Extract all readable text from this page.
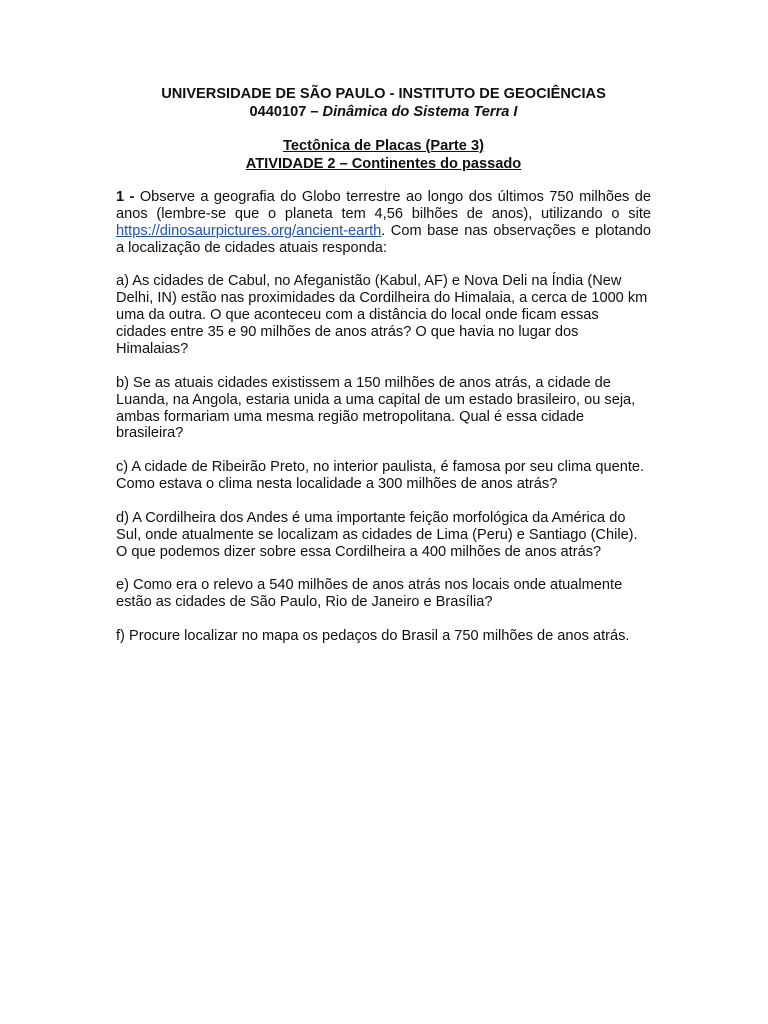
UNIVERSIDADE DE SÃO PAULO - INSTITUTO DE GEOCIÊNCIAS
0440107 – Dinâmica do Sistema Terra I
Tectônica de Placas (Parte 3)
ATIVIDADE 2 – Continentes do passado

1 - Observe a geografia do Globo terrestre ao longo dos últimos 750 milhões de anos (lembre-se que o planeta tem 4,56 bilhões de anos), utilizando o site https://dinosaurpictures.org/ancient-earth. Com base nas observações e plotando a localização de cidades atuais responda:

a) As cidades de Cabul, no Afeganistão (Kabul, AF) e Nova Deli na Índia (New Delhi, IN) estão nas proximidades da Cordilheira do Himalaia, a cerca de 1000 km uma da outra. O que aconteceu com a distância do local onde ficam essas cidades entre 35 e 90 milhões de anos atrás? O que havia no lugar dos Himalaias?

b) Se as atuais cidades existissem a 150 milhões de anos atrás, a cidade de Luanda, na Angola, estaria unida a uma capital de um estado brasileiro, ou seja, ambas formariam uma mesma região metropolitana. Qual é essa cidade brasileira?

c) A cidade de Ribeirão Preto, no interior paulista, é famosa por seu clima quente. Como estava o clima nesta localidade a 300 milhões de anos atrás?

d) A Cordilheira dos Andes é uma importante feição morfológica da América do Sul, onde atualmente se localizam as cidades de Lima (Peru) e Santiago (Chile). O que podemos dizer sobre essa Cordilheira a 400 milhões de anos atrás?

e) Como era o relevo a 540 milhões de anos atrás nos locais onde atualmente estão as cidades de São Paulo, Rio de Janeiro e Brasília?

f) Procure localizar no mapa os pedaços do Brasil a 750 milhões de anos atrás.
